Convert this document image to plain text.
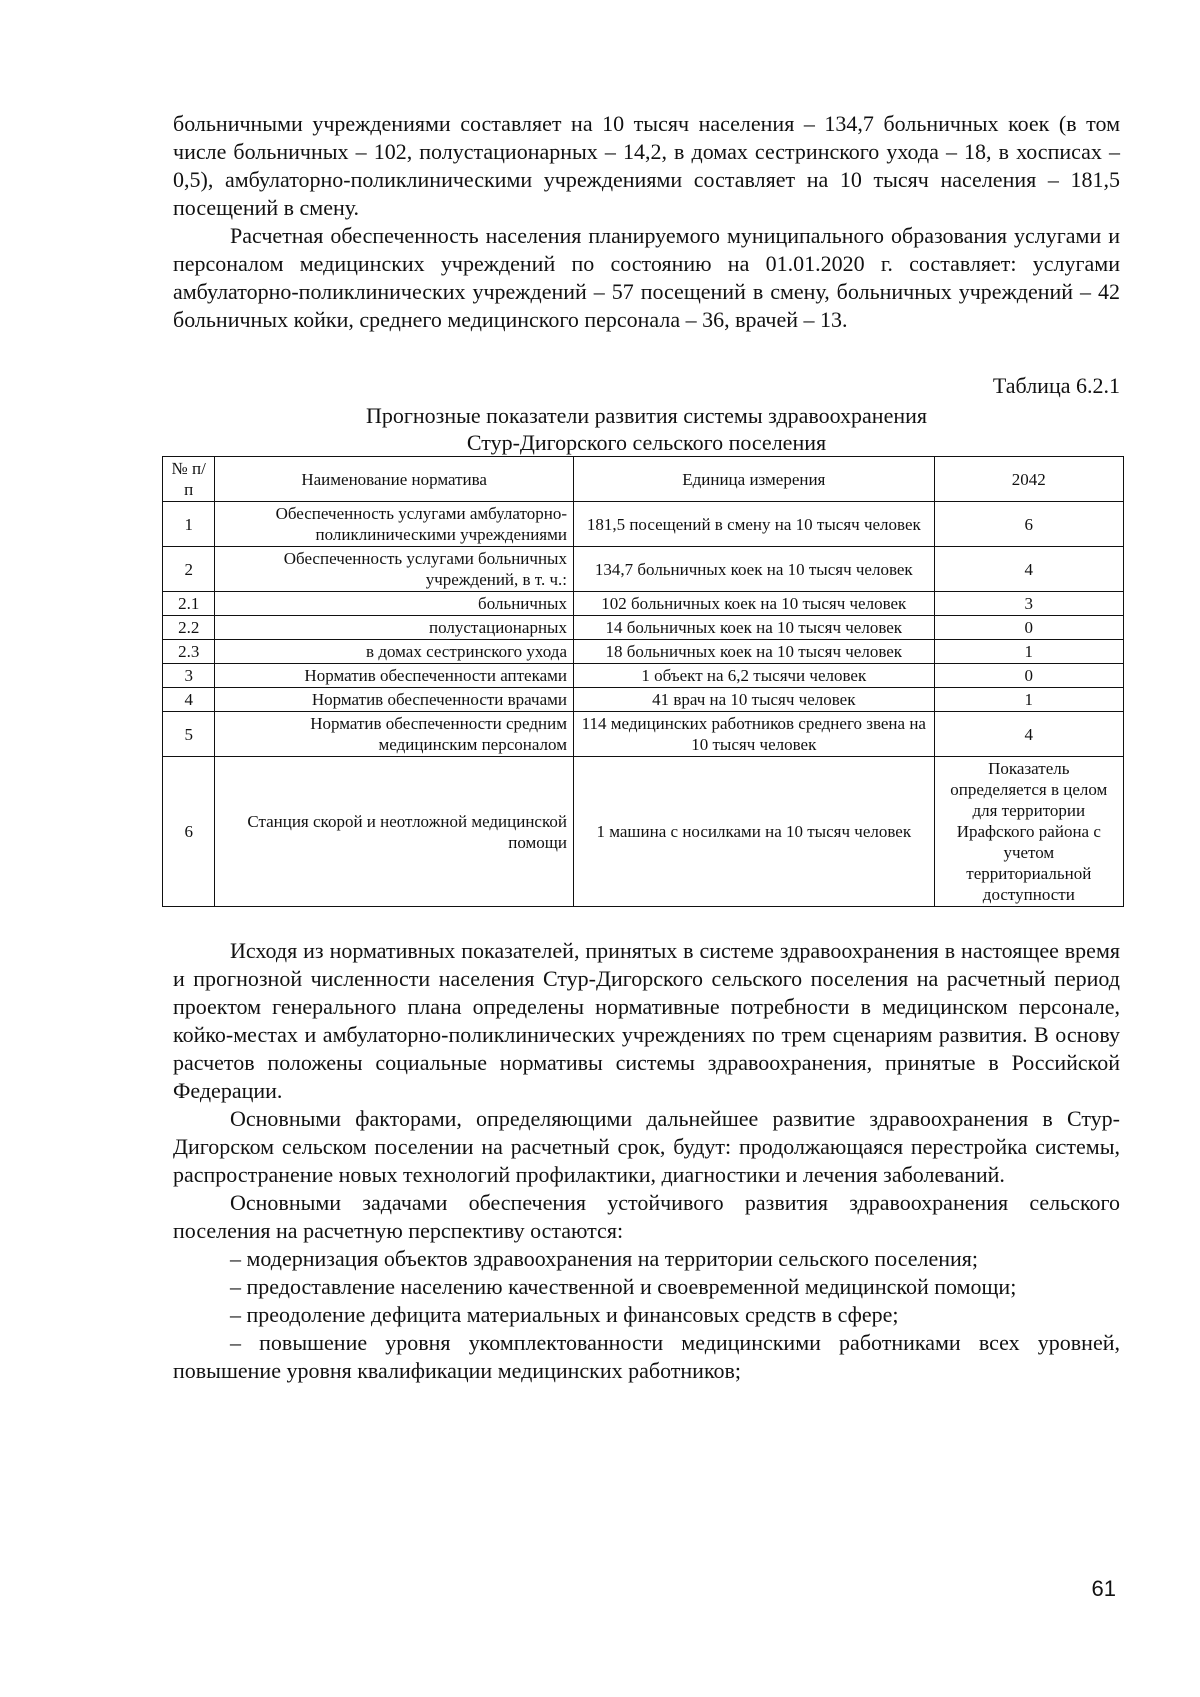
больничными учреждениями составляет на 10 тысяч населения – 134,7 больничных коек (в том числе больничных – 102, полустационарных – 14,2, в домах сестринского ухода – 18, в хосписах – 0,5), амбулаторно-поликлиническими учреждениями составляет на 10 тысяч населения – 181,5 посещений в смену.

Расчетная обеспеченность населения планируемого муниципального образования услугами и персоналом медицинских учреждений по состоянию на 01.01.2020 г. составляет: услугами амбулаторно-поликлинических учреждений – 57 посещений в смену, больничных учреждений – 42 больничных койки, среднего медицинского персонала – 36, врачей – 13.

Таблица 6.2.1
Прогнозные показатели развития системы здравоохранения
Стур-Дигорского сельского поселения
№ п/п	Наименование норматива	Единица измерения	2042
1	Обеспеченность услугами амбулаторно-поликлиническими учреждениями	181,5 посещений в смену на 10 тысяч человек	6
2	Обеспеченность услугами больничных учреждений, в т. ч.:	134,7 больничных коек на 10 тысяч человек	4
2.1	больничных	102 больничных коек на 10 тысяч человек	3
2.2	полустационарных	14 больничных коек на 10 тысяч человек	0
2.3	в домах сестринского ухода	18 больничных коек на 10 тысяч человек	1
3	Норматив обеспеченности аптеками	1 объект на 6,2 тысячи человек	0
4	Норматив обеспеченности врачами	41 врач на 10 тысяч человек	1
5	Норматив обеспеченности средним медицинским персоналом	114 медицинских работников среднего звена на 10 тысяч человек	4
6	Станция скорой и неотложной медицинской помощи	1 машина с носилками на 10 тысяч человек	Показатель определяется в целом для территории Ирафского района с учетом территориальной доступности

Исходя из нормативных показателей, принятых в системе здравоохранения в настоящее время и прогнозной численности населения Стур-Дигорского сельского поселения на расчетный период проектом генерального плана определены нормативные потребности в медицинском персонале, койко-местах и амбулаторно-поликлинических учреждениях по трем сценариям развития. В основу расчетов положены социальные нормативы системы здравоохранения, принятые в Российской Федерации.

Основными факторами, определяющими дальнейшее развитие здравоохранения в Стур-Дигорском сельском поселении на расчетный срок, будут: продолжающаяся перестройка системы, распространение новых технологий профилактики, диагностики и лечения заболеваний.

Основными задачами обеспечения устойчивого развития здравоохранения сельского поселения на расчетную перспективу остаются:

– модернизация объектов здравоохранения на территории сельского поселения;

– предоставление населению качественной и своевременной медицинской помощи;

– преодоление дефицита материальных и финансовых средств в сфере;

– повышение уровня укомплектованности медицинскими работниками всех уровней, повышение уровня квалификации медицинских работников;

61
